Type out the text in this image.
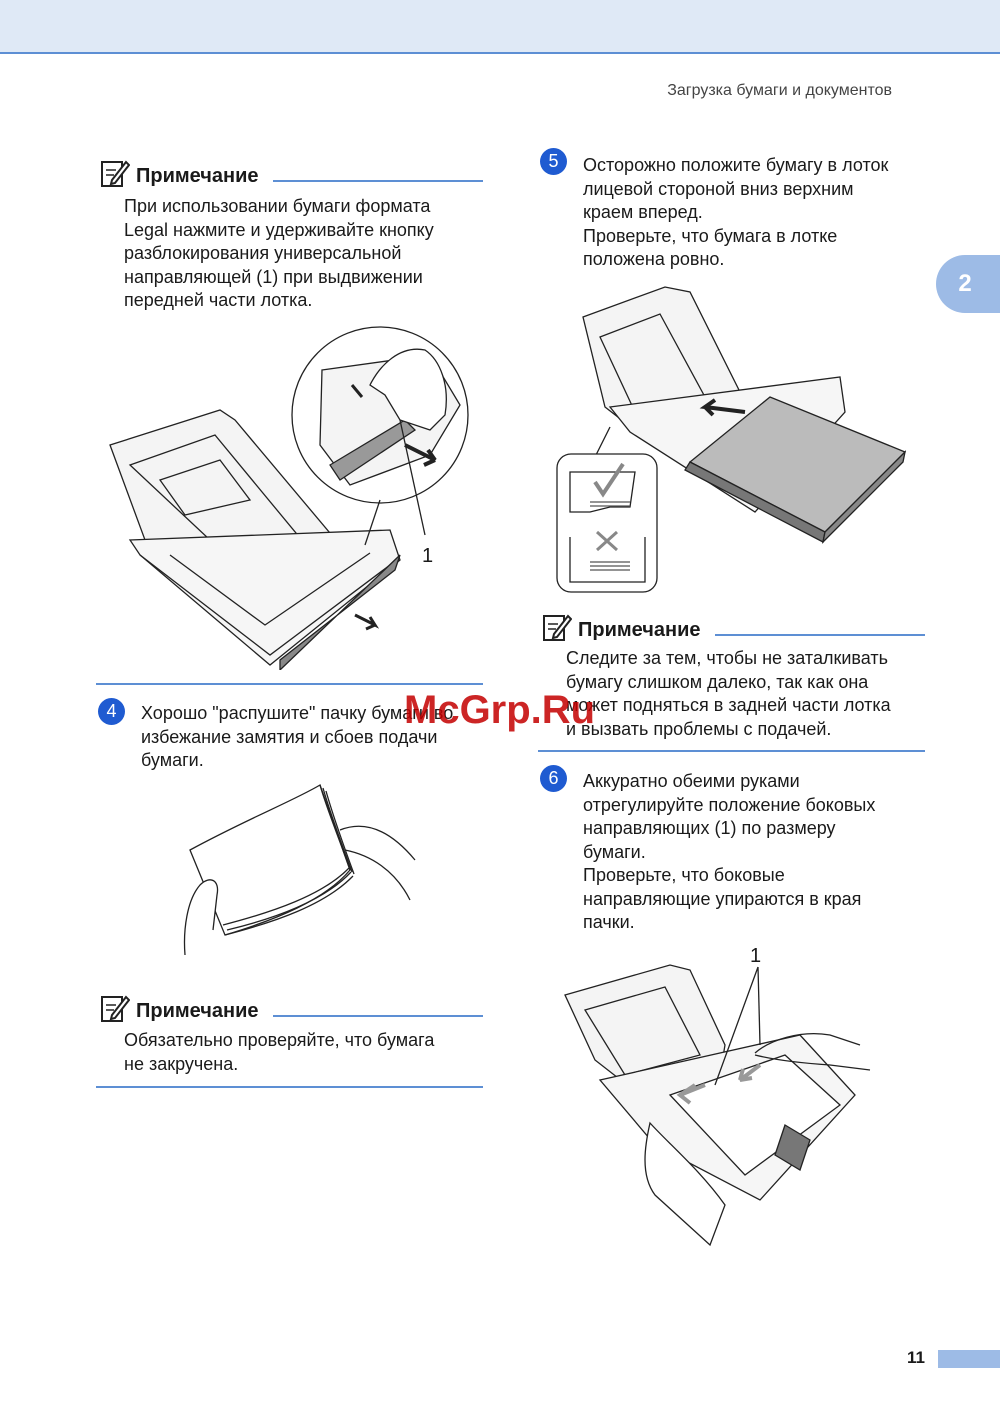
Загрузка бумаги и документов
2
Примечание
При использовании бумаги формата
Legal нажмите и удерживайте кнопку
разблокирования универсальной
направляющей (1) при выдвижении
передней части лотка.
1
4	Хорошо "распушите" пачку бумаги во
избежание замятия и сбоев подачи
бумаги.
Примечание
Обязательно проверяйте, что бумага
не закручена.
5	Осторожно положите бумагу в лоток
лицевой стороной вниз верхним
краем вперед.
Проверьте, что бумага в лотке
положена ровно.
Примечание
Следите за тем, чтобы не заталкивать
бумагу слишком далеко, так как она
может подняться в задней части лотка
и вызвать проблемы с подачей.
6	Аккуратно обеими руками
отрегулируйте положение боковых
направляющих (1) по размеру
бумаги.
Проверьте, что боковые
направляющие упираются в края
пачки.
1
McGrp.Ru
11
